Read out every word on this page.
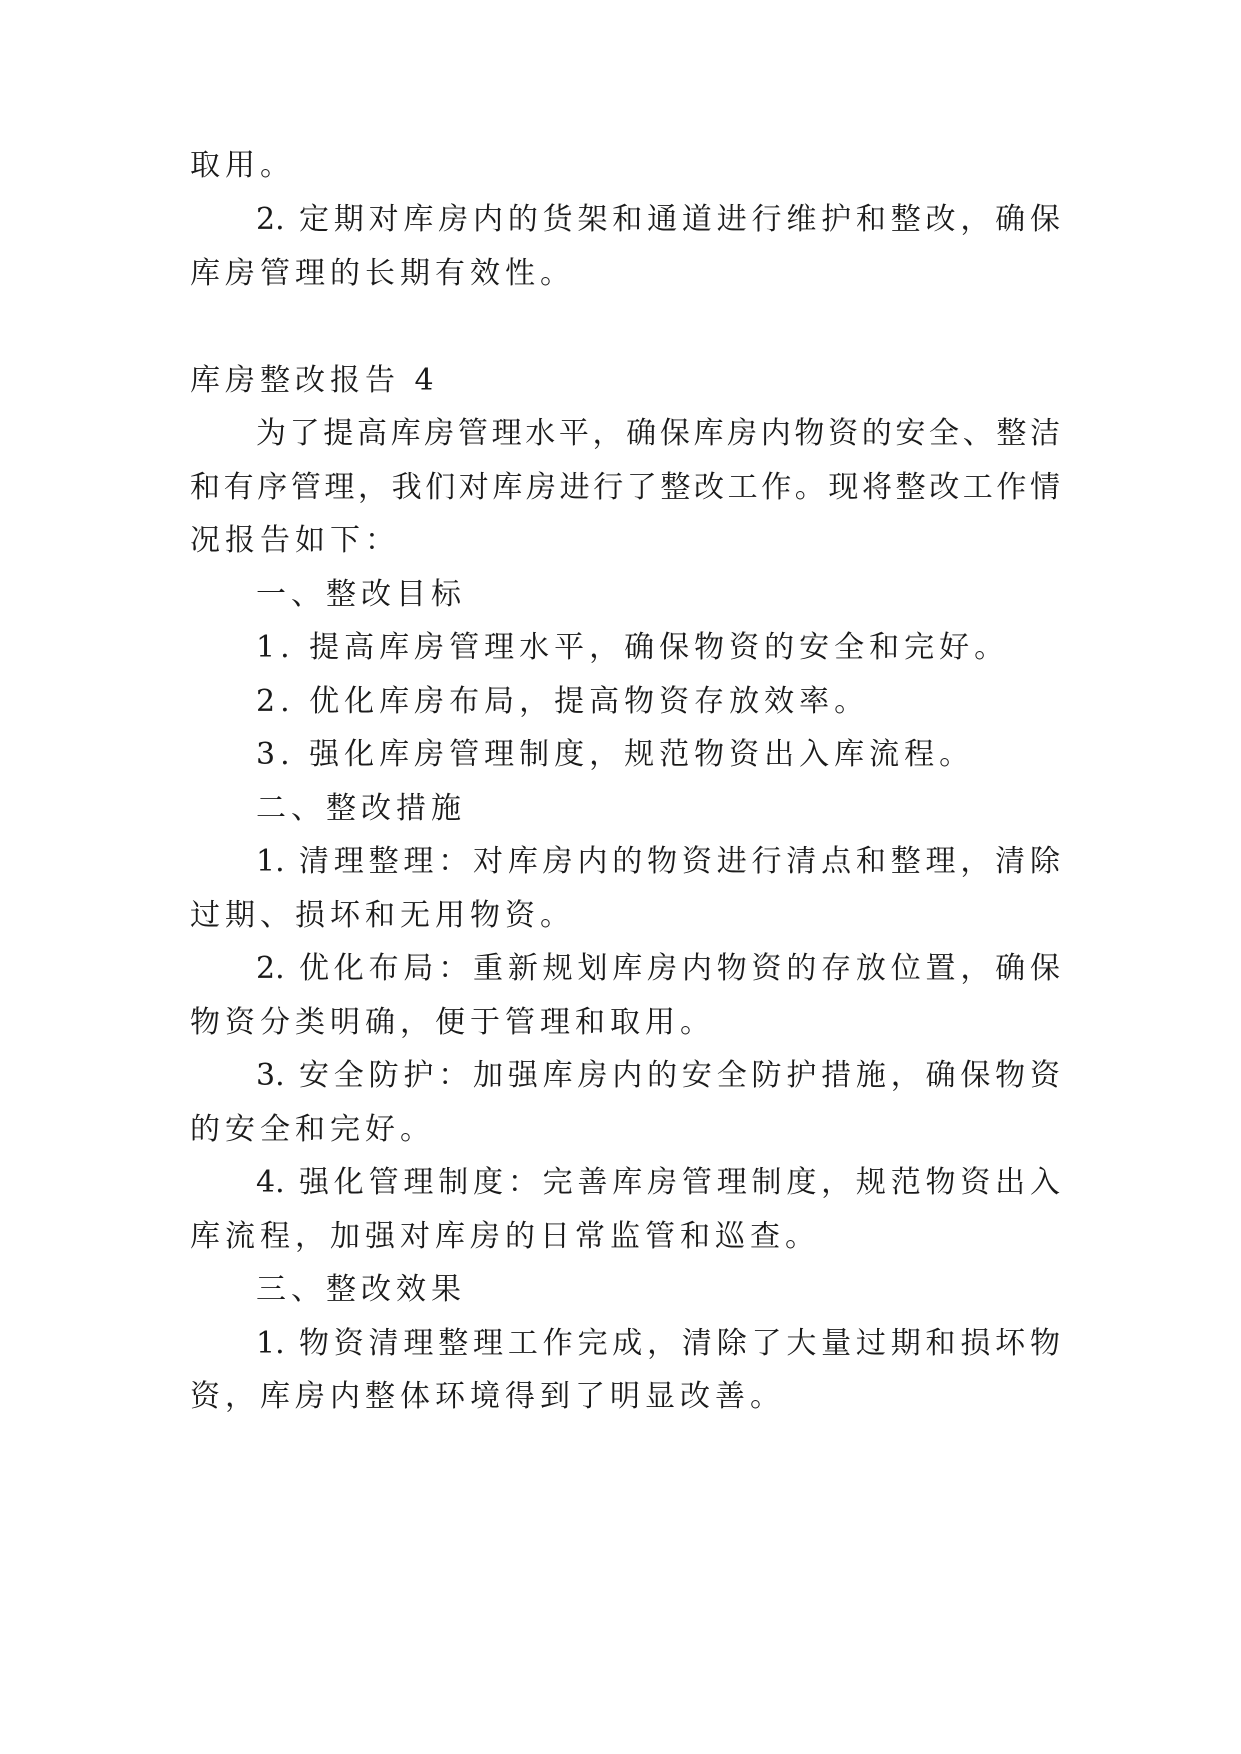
取用。
2. 定期对库房内的货架和通道进行维护和整改，确保
库房管理的长期有效性。
库房整改报告 4
为了提高库房管理水平，确保库房内物资的安全、整洁
和有序管理，我们对库房进行了整改工作。现将整改工作情
况报告如下：
一、整改目标
1. 提高库房管理水平，确保物资的安全和完好。
2. 优化库房布局，提高物资存放效率。
3. 强化库房管理制度，规范物资出入库流程。
二、整改措施
1. 清理整理：对库房内的物资进行清点和整理，清除
过期、损坏和无用物资。
2. 优化布局：重新规划库房内物资的存放位置，确保
物资分类明确，便于管理和取用。
3. 安全防护：加强库房内的安全防护措施，确保物资
的安全和完好。
4. 强化管理制度：完善库房管理制度，规范物资出入
库流程，加强对库房的日常监管和巡查。
三、整改效果
1. 物资清理整理工作完成，清除了大量过期和损坏物
资，库房内整体环境得到了明显改善。
